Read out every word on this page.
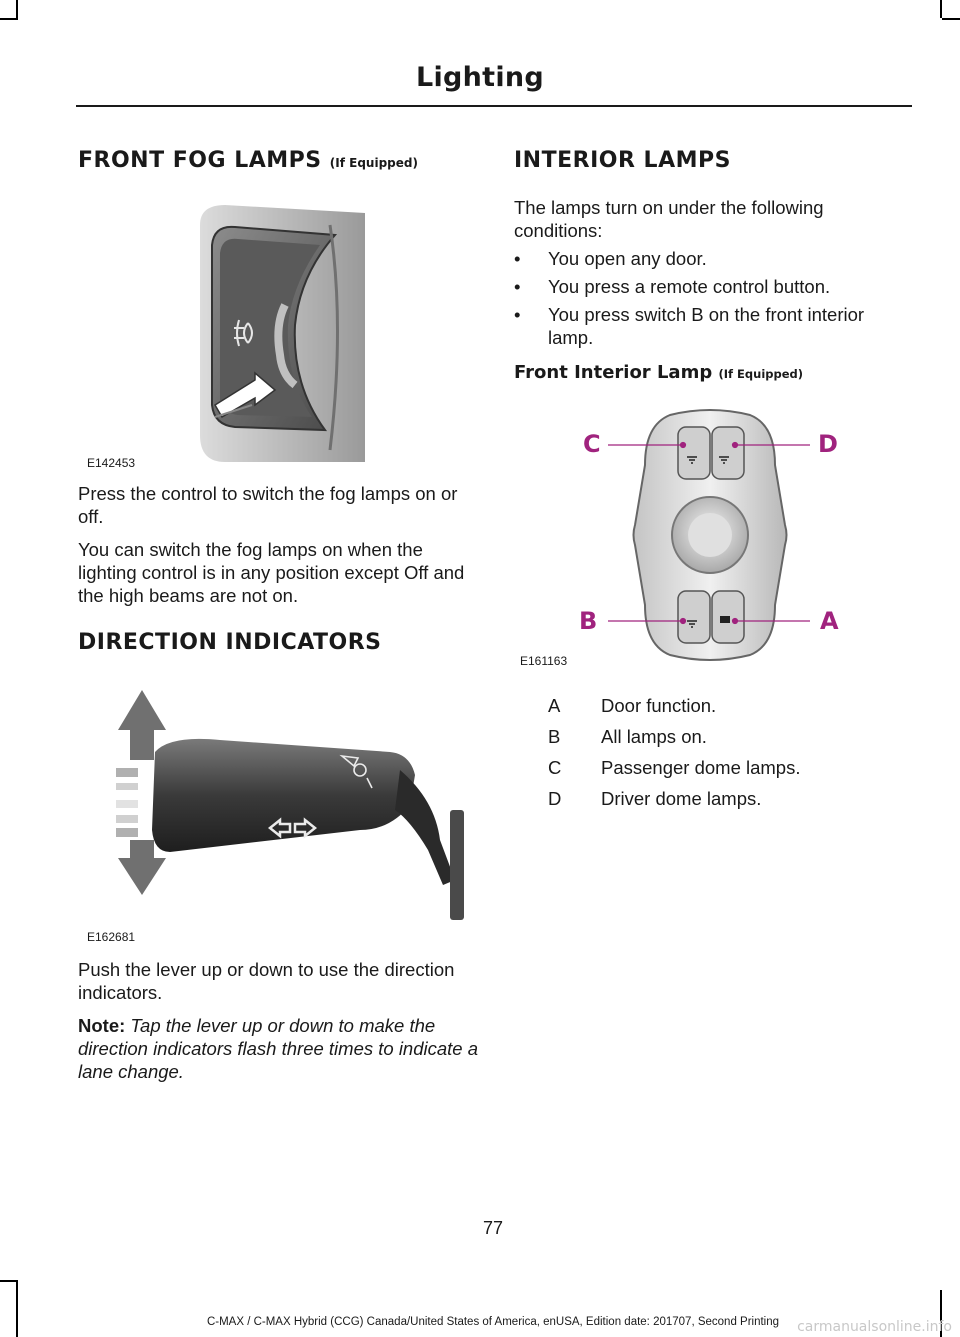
Lighting
FRONT FOG LAMPS (If Equipped)
E142453

Press the control to switch the fog lamps on or off.

You can switch the fog lamps on when the lighting control is in any position except Off and the high beams are not on.

DIRECTION INDICATORS
E162681

Push the lever up or down to use the direction indicators.

Note: Tap the lever up or down to make the direction indicators flash three times to indicate a lane change.

INTERIOR LAMPS

The lamps turn on under the following conditions:

• You open any door.
• You press a remote control button.
• You press switch B on the front interior lamp.
Front Interior Lamp (If Equipped)
C	D
B	A
E161163
A	Door function.
B	All lamps on.
C	Passenger dome lamps.
D	Driver dome lamps.
77
C-MAX / C-MAX Hybrid (CCG) Canada/United States of America, enUSA, Edition date: 201707, Second Printing	carmanualsonline.info
